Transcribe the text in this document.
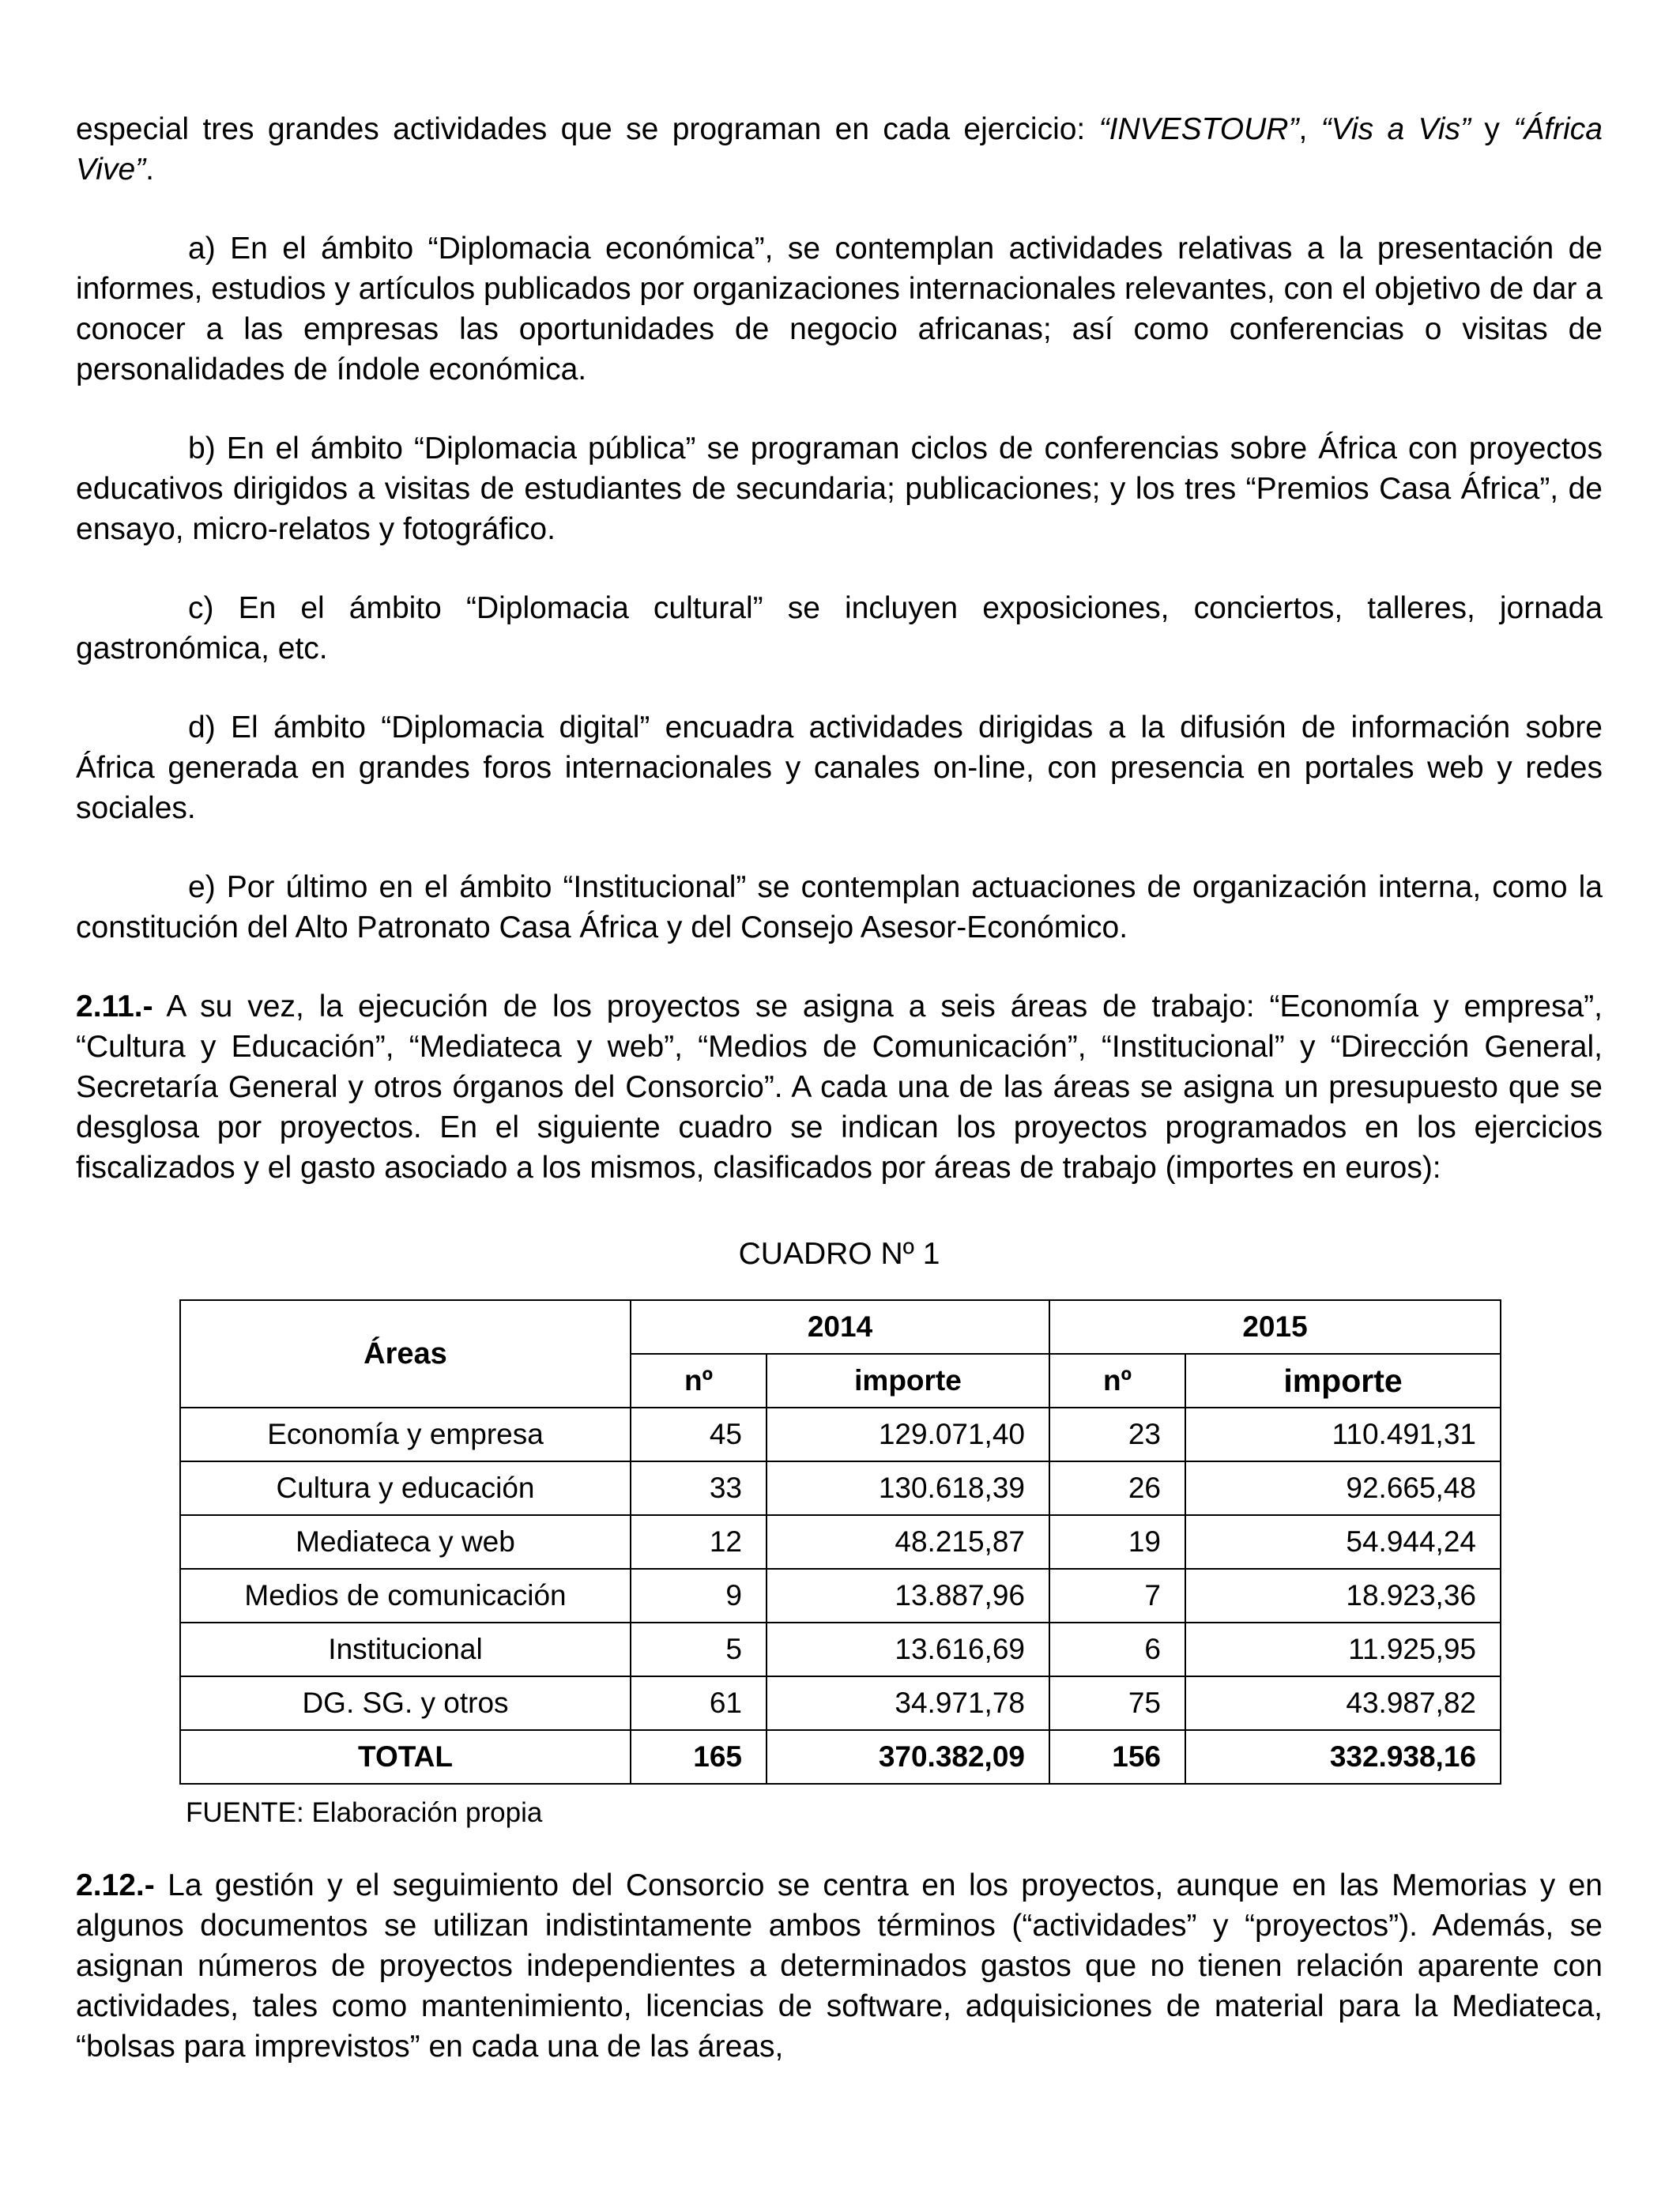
especial tres grandes actividades que se programan en cada ejercicio: “INVESTOUR”, “Vis a Vis” y “África Vive”.

a) En el ámbito “Diplomacia económica”, se contemplan actividades relativas a la presentación de informes, estudios y artículos publicados por organizaciones internacionales relevantes, con el objetivo de dar a conocer a las empresas las oportunidades de negocio africanas; así como conferencias o visitas de personalidades de índole económica.

b) En el ámbito “Diplomacia pública” se programan ciclos de conferencias sobre África con proyectos educativos dirigidos a visitas de estudiantes de secundaria; publicaciones; y los tres “Premios Casa África”, de ensayo, micro-relatos y fotográfico.

c) En el ámbito “Diplomacia cultural” se incluyen exposiciones, conciertos, talleres, jornada gastronómica, etc.

d) El ámbito “Diplomacia digital” encuadra actividades dirigidas a la difusión de información sobre África generada en grandes foros internacionales y canales on-line, con presencia en portales web y redes sociales.

e) Por último en el ámbito “Institucional” se contemplan actuaciones de organización interna, como la constitución del Alto Patronato Casa África y del Consejo Asesor-Económico.

2.11.- A su vez, la ejecución de los proyectos se asigna a seis áreas de trabajo: “Economía y empresa”, “Cultura y Educación”, “Mediateca y web”, “Medios de Comunicación”, “Institucional” y “Dirección General, Secretaría General y otros órganos del Consorcio”. A cada una de las áreas se asigna un presupuesto que se desglosa por proyectos. En el siguiente cuadro se indican los proyectos programados en los ejercicios fiscalizados y el gasto asociado a los mismos, clasificados por áreas de trabajo (importes en euros):

CUADRO Nº 1
Áreas	2014		2015	
	nº	importe	nº	importe
Economía y empresa	45	129.071,40	23	110.491,31
Cultura y educación	33	130.618,39	26	92.665,48
Mediateca y web	12	48.215,87	19	54.944,24
Medios de comunicación	9	13.887,96	7	18.923,36
Institucional	5	13.616,69	6	11.925,95
DG. SG. y otros	61	34.971,78	75	43.987,82
TOTAL	165	370.382,09	156	332.938,16
FUENTE: Elaboración propia

2.12.- La gestión y el seguimiento del Consorcio se centra en los proyectos, aunque en las Memorias y en algunos documentos se utilizan indistintamente ambos términos (“actividades” y “proyectos”). Además, se asignan números de proyectos independientes a determinados gastos que no tienen relación aparente con actividades, tales como mantenimiento, licencias de software, adquisiciones de material para la Mediateca, “bolsas para imprevistos” en cada una de las áreas,
